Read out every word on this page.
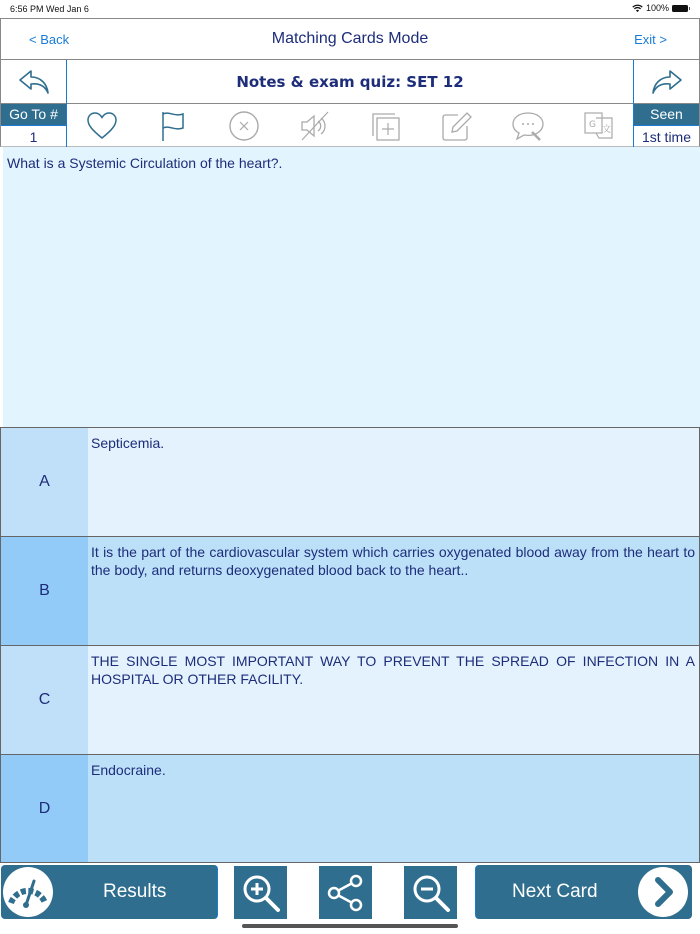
6:56 PM Wed Jan 6	100%
< Back	Matching Cards Mode	Exit >
Notes & exam quiz: SET 12
Go To #
1
G 文
Seen
1st time
What is a Systemic Circulation of the heart?.
A
Septicemia.
B
It is the part of the cardiovascular system which carries oxygenated blood away from the heart to the body, and returns deoxygenated blood back to the heart..
C
THE SINGLE MOST IMPORTANT WAY TO PREVENT THE SPREAD OF INFECTION IN A HOSPITAL OR OTHER FACILITY.
D
Endocraine.
Results	Next Card
